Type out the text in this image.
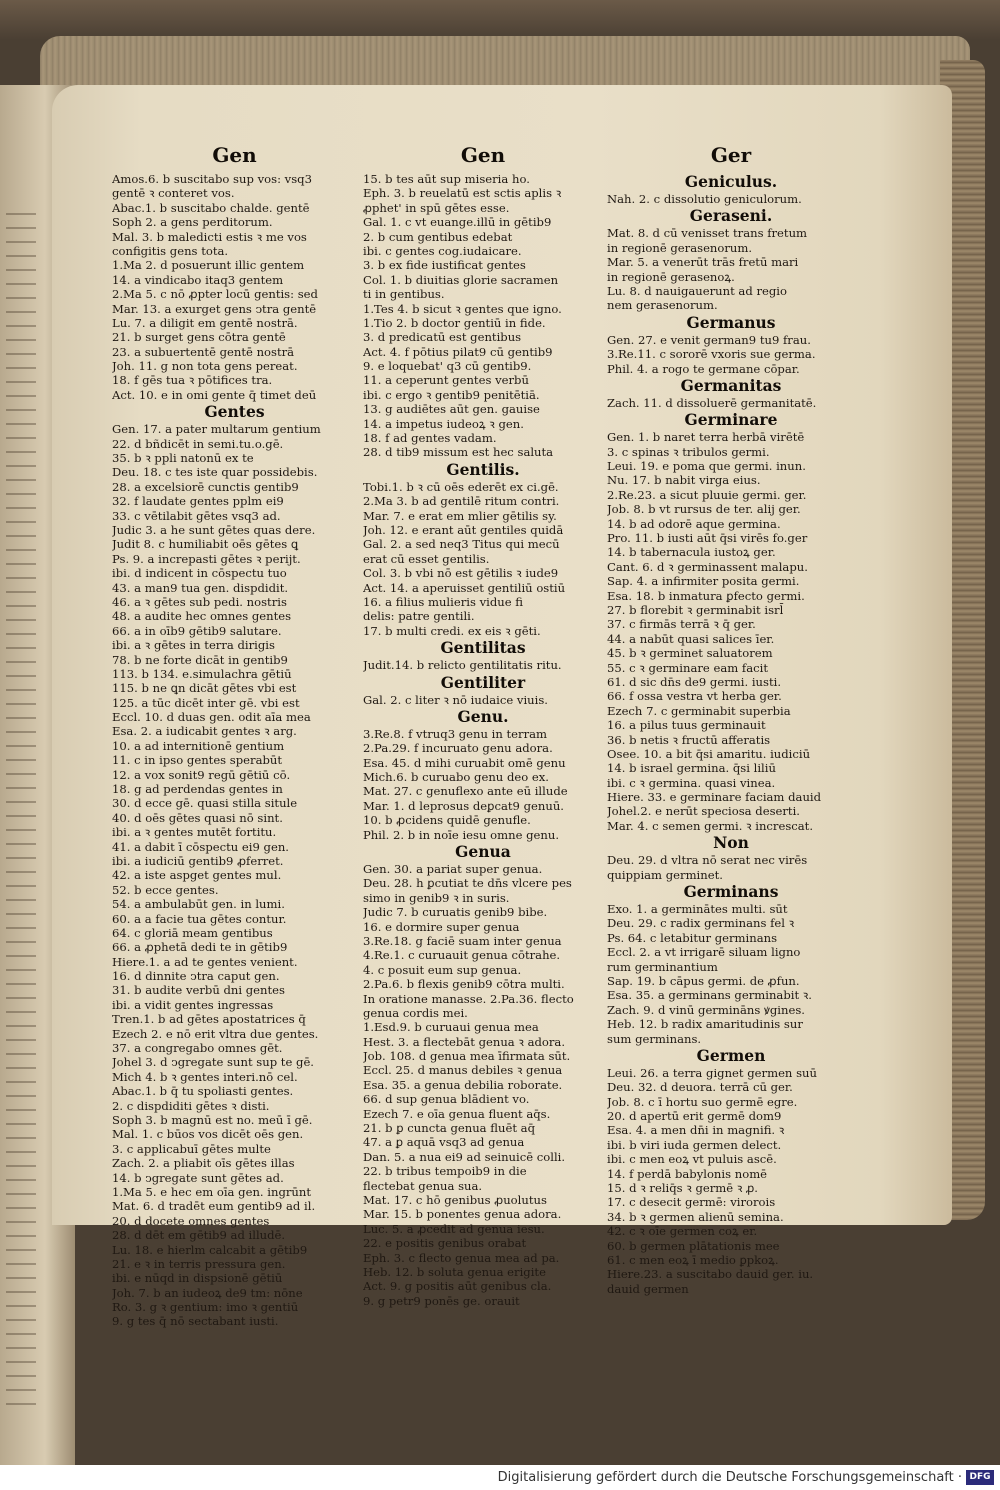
Gen
Amos.6. b suscitabo sup vos: vsq3
gentē ꝛ conteret vos.
Abac.1. b suscitabo chalde. gentē
Soph 2. a gens perditorum.
Mal. 3. b maledicti estis ꝛ me vos
configitis gens tota.
1.Ma 2. d posuerunt illic gentem
14. a vindicabo itaq3 gentem
2.Ma 5. c nō ꝓpter locū gentis: sed
Mar. 13. a exurget gens ↄtra gentē
Lu. 7. a diligit em gentē nostrā.
21. b surget gens cōtra gentē
23. a subuertentē gentē nostrā
Joh. 11. g non tota gens pereat.
18. f gēs tua ꝛ pōtifices tra.
Act. 10. e in omi gente q̄ timet deū
Gentes
Gen. 17. a pater multarum gentium
22. d bñdicēt in semi.tu.o.gē.
35. b ꝛ ppli natonū ex te
Deu. 18. c tes iste quar possidebis.
28. a excelsiorē cunctis gentib9
32. f laudate gentes pplm ei9
33. c vētilabit gētes vsq3 ad.
Judic 3. a he sunt gētes quas dere.
Judit 8. c humiliabit oēs gētes ꝗ
Ps. 9. a increpasti gētes ꝛ perijt.
ibi. d indicent in cōspectu tuo
43. a man9 tua gen. dispdidit.
46. a ꝛ gētes sub pedi. nostris
48. a audite hec omnes gentes
66. a in oīb9 gētib9 salutare.
ibi. a ꝛ gētes in terra dirigis
78. b ne forte dicāt in gentib9
113. b 134. e.simulachra gētiū
115. b ne ꝗn dicāt gētes vbi est
125. a tūc dicēt inter gē. vbi est
Eccl. 10. d duas gen. odit aīa mea
Esa. 2. a iudicabit gentes ꝛ arg.
10. a ad internitionē gentium
11. c in ipso gentes sperabūt
12. a vox sonit9 regū gētiū cō.
18. g ad perdendas gentes in
30. d ecce gē. quasi stilla situle
40. d oēs gētes quasi nō sint.
ibi. a ꝛ gentes mutēt fortitu.
41. a dabit ī cōspectu ei9 gen.
ibi. a iudiciū gentib9 ꝓferret.
42. a iste aspget gentes mul.
52. b ecce gentes.
54. a ambulabūt gen. in lumi.
60. a a facie tua gētes contur.
64. c gloriā meam gentibus
66. a ꝓphetā dedi te in gētib9
Hiere.1. a ad te gentes venient.
16. d dinnite ↄtra caput gen.
31. b audite verbū dni gentes
ibi. a vidit gentes ingressas
Tren.1. b ad gētes apostatrices q̄
Ezech 2. e nō erit vltra due gentes.
37. a congregabo omnes gēt.
Johel 3. d ↄgregate sunt sup te gē.
Mich 4. b ꝛ gentes interi.nō cel.
Abac.1. b q̄ tu spoliasti gentes.
2. c dispdiditi gētes ꝛ disti.
Soph 3. b magnū est no. meū ī gē.
Mal. 1. c būos vos dicēt oēs gen.
3. c applicabuī gētes multe
Zach. 2. a pliabit oīs gētes illas
14. b ↄgregate sunt gētes ad.
1.Ma 5. e hec em oīa gen. ingrūnt
Mat. 6. d tradēt eum gentib9 ad il.
20. d docete omnes gentes
28. d dēt em gētib9 ad illudē.
Lu. 18. e hierlm calcabit a gētib9
21. e ꝛ in terris pressura gen.
ibi. e nūqd in dispsionē gētiū
Joh. 7. b an iudeoꝝ de9 tm: nōne
Ro. 3. g ꝛ gentium: imo ꝛ gentiū
9. g tes q̄ nō sectabant iusti.
Gen
15. b tes aūt sup miseria ho.
Eph. 3. b reuelatū est sctis aplis ꝛ
ꝓphet' in spū gētes esse.
Gal. 1. c vt euange.illū in gētib9
2. b cum gentibus edebat
ibi. c gentes cog.iudaicare.
3. b ex fide iustificat gentes
Col. 1. b diuitias glorie sacramen
ti in gentibus.
1.Tes 4. b sicut ꝛ gentes que igno.
1.Tio 2. b doctor gentiū in fide.
3. d predicatū est gentibus
Act. 4. f pōtius pilat9 cū gentib9
9. e loquebat' q3 cū gentib9.
11. a ceperunt gentes verbū
ibi. c ergo ꝛ gentib9 penitētiā.
13. g audiētes aūt gen. gauise
14. a impetus iudeoꝝ ꝛ gen.
18. f ad gentes vadam.
28. d tib9 missum est hec saluta
Gentilis.
Tobi.1. b ꝛ cū oēs ederēt ex ci.gē.
2.Ma 3. b ad gentilē ritum contri.
Mar. 7. e erat em mlier gētilis sy.
Joh. 12. e erant aūt gentiles quidā
Gal. 2. a sed neq3 Titus qui mecū
erat cū esset gentilis.
Col. 3. b vbi nō est gētilis ꝛ iude9
Act. 14. a aperuisset gentiliū ostiū
16. a filius mulieris vidue fi
delis: patre gentili.
17. b multi credi. ex eis ꝛ gēti.
Gentilitas
Judit.14. b relicto gentilitatis ritu.
Gentiliter
Gal. 2. c liter ꝛ nō iudaice viuis.
Genu.
3.Re.8. f vtruq3 genu in terram
2.Pa.29. f incuruato genu adora.
Esa. 45. d mihi curuabit omē genu
Mich.6. b curuabo genu deo ex.
Mat. 27. c genuflexo ante eū illude
Mar. 1. d leprosus deꝑcat9 genuū.
10. b ꝓcidens quidē genufle.
Phil. 2. b in noīe iesu omne genu.
Genua
Gen. 30. a pariat super genua.
Deu. 28. h ꝑcutiat te dn̄s vlcere pes
simo in genib9 ꝛ in suris.
Judic 7. b curuatis genib9 bibe.
16. e dormire super genua
3.Re.18. g faciē suam inter genua
4.Re.1. c curuauit genua cōtrahe.
4. c posuit eum sup genua.
2.Pa.6. b flexis genib9 cōtra multi.
In oratione manasse. 2.Pa.36. flecto
genua cordis mei.
1.Esd.9. b curuaui genua mea
Hest. 3. a flectebāt genua ꝛ adora.
Job. 108. d genua mea īfirmata sūt.
Eccl. 25. d manus debiles ꝛ genua
Esa. 35. a genua debilia roborate.
66. d sup genua blādient vo.
Ezech 7. e oīa genua fluent aq̄s.
21. b ꝑ cuncta genua fluēt aq̄
47. a ꝑ aquā vsq3 ad genua
Dan. 5. a nua ei9 ad seinuicē colli.
22. b tribus tempoib9 in die
flectebat genua sua.
Mat. 17. c hō genibus ꝓuolutus
Mar. 15. b ponentes genua adora.
Luc. 5. a ꝓcedit ad genua iesu.
22. e positis genibus orabat
Eph. 3. c flecto genua mea ad pa.
Heb. 12. b soluta genua erigite
Act. 9. g positis aūt genibus cla.
9. g petr9 ponēs ge. orauit
Ger
Geniculus.
Nah. 2. c dissolutio geniculorum.
Geraseni.
Mat. 8. d cū venisset trans fretum
in regionē gerasenorum.
Mar. 5. a venerūt trās fretū mari
in regionē gerasenoꝝ.
Lu. 8. d nauigauerunt ad regio
nem gerasenorum.
Germanus
Gen. 27. e venit german9 tu9 frau.
3.Re.11. c sororē vxoris sue germa.
Phil. 4. a rogo te germane cōpar.
Germanitas
Zach. 11. d dissoluerē germanitatē.
Germinare
Gen. 1. b naret terra herbā virētē
3. c spinas ꝛ tribulos germi.
Leui. 19. e poma que germi. inun.
Nu. 17. b nabit virga eius.
2.Re.23. a sicut pluuie germi. ger.
Job. 8. b vt rursus de ter. alij ger.
14. b ad odorē aque germina.
Pro. 11. b iusti aūt q̄si virēs fo.ger
14. b tabernacula iustoꝝ ger.
Cant. 6. d ꝛ germinassent malapu.
Sap. 4. a infirmiter posita germi.
Esa. 18. b inmatura ꝑfecto germi.
27. b florebit ꝛ germinabit isrl̄
37. c firmās terrā ꝛ q̄ ger.
44. a nabūt quasi salices īer.
45. b ꝛ germinet saluatorem
55. c ꝛ germinare eam facit
61. d sic dn̄s de9 germi. iusti.
66. f ossa vestra vt herba ger.
Ezech 7. c germinabit superbia
16. a pilus tuus germinauit
36. b netis ꝛ fructū afferatis
Osee. 10. a bit q̄si amaritu. iudiciū
14. b israel germina. q̄si liliū
ibi. c ꝛ germina. quasi vinea.
Hiere. 33. e germinare faciam dauid
Johel.2. e nerūt speciosa deserti.
Mar. 4. c semen germi. ꝛ increscat.
Non
Deu. 29. d vltra nō serat nec virēs
quippiam germinet.
Germinans
Exo. 1. a germinātes multi. sūt
Deu. 29. c radix germinans fel ꝛ
Ps. 64. c letabitur germinans
Eccl. 2. a vt irrigarē siluam ligno
rum germinantium
Sap. 19. b cāpus germi. de ꝓfun.
Esa. 35. a germinans germinabit ꝛ.
Zach. 9. d vinū germināns ꝟgines.
Heb. 12. b radix amaritudinis sur
sum germinans.
Germen
Leui. 26. a terra gignet germen suū
Deu. 32. d deuora. terrā cū ger.
Job. 8. c ī hortu suo germē egre.
20. d apertū erit germē dom9
Esa. 4. a men dn̄i in magnifi. ꝛ
ibi. b viri iuda germen delect.
ibi. c men eoꝝ vt puluis ascē.
14. f perdā babylonis nomē
15. d ꝛ reliq̄s ꝛ germē ꝛ ꝓ.
17. c desecit germē: virorois
34. b ꝛ germen alienū semina.
42. c ꝛ oīe germen coꝝ er.
60. b germen plātationis mee
61. c men eoꝝ ī medio ꝑpkoꝝ.
Hiere.23. a suscitabo dauid ger. iu.
dauid germen
Digitalisierung gefördert durch die Deutsche Forschungsgemeinschaft · DFG
